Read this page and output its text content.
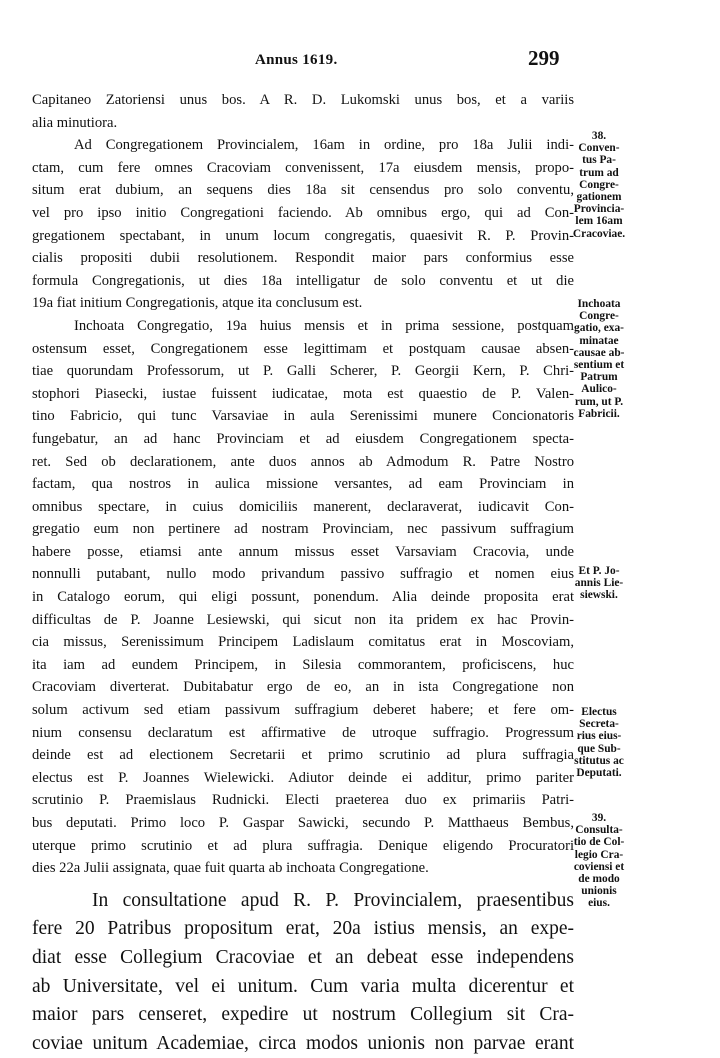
Annus 1619.	299
Capitaneo Zatoriensi unus bos. A R. D. Lukomski unus bos, et a variis
alia minutiora.
Ad Congregationem Provincialem, 16am in ordine, pro 18a Julii indi-
ctam, cum fere omnes Cracoviam convenissent, 17a eiusdem mensis, propo-
situm erat dubium, an sequens dies 18a sit censendus pro solo conventu,
vel pro ipso initio Congregationi faciendo. Ab omnibus ergo, qui ad Con-
gregationem spectabant, in unum locum congregatis, quaesivit R. P. Provin-
cialis propositi dubii resolutionem. Respondit maior pars conformius esse
formula Congregationis, ut dies 18a intelligatur de solo conventu et ut die
19a fiat initium Congregationis, atque ita conclusum est.
Inchoata Congregatio, 19a huius mensis et in prima sessione, postquam
ostensum esset, Congregationem esse legittimam et postquam causae absen-
tiae quorundam Professorum, ut P. Galli Scherer, P. Georgii Kern, P. Chri-
stophori Piasecki, iustae fuissent iudicatae, mota est quaestio de P. Valen-
tino Fabricio, qui tunc Varsaviae in aula Serenissimi munere Concionatoris
fungebatur, an ad hanc Provinciam et ad eiusdem Congregationem specta-
ret. Sed ob declarationem, ante duos annos ab Admodum R. Patre Nostro
factam, qua nostros in aulica missione versantes, ad eam Provinciam in
omnibus spectare, in cuius domiciliis manerent, declaraverat, iudicavit Con-
gregatio eum non pertinere ad nostram Provinciam, nec passivum suffragium
habere posse, etiamsi ante annum missus esset Varsaviam Cracovia, unde
nonnulli putabant, nullo modo privandum passivo suffragio et nomen eius
in Catalogo eorum, qui eligi possunt, ponendum. Alia deinde proposita erat
difficultas de P. Joanne Lesiewski, qui sicut non ita pridem ex hac Provin-
cia missus, Serenissimum Principem Ladislaum comitatus erat in Moscoviam,
ita iam ad eundem Principem, in Silesia commorantem, proficiscens, huc
Cracoviam diverterat. Dubitabatur ergo de eo, an in ista Congregatione non
solum activum sed etiam passivum suffragium deberet habere; et fere om-
nium consensu declaratum est affirmative de utroque suffragio. Progressum
deinde est ad electionem Secretarii et primo scrutinio ad plura suffragia
electus est P. Joannes Wielewicki. Adiutor deinde ei additur, primo pariter
scrutinio P. Praemislaus Rudnicki. Electi praeterea duo ex primariis Patri-
bus deputati. Primo loco P. Gaspar Sawicki, secundo P. Matthaeus Bembus,
uterque primo scrutinio et ad plura suffragia. Denique eligendo Procuratori
dies 22a Julii assignata, quae fuit quarta ab inchoata Congregatione.
In consultatione apud R. P. Provincialem, praesentibus
fere 20 Patribus propositum erat, 20a istius mensis, an expe-
diat esse Collegium Cracoviae et an debeat esse independens
ab Universitate, vel ei unitum. Cum varia multa dicerentur et
maior pars censeret, expedire ut nostrum Collegium sit Cra-
coviae unitum Academiae, circa modos unionis non parvae erant
38.
Conven-
tus Pa-
trum ad
Congre-
gationem
Provincia-
lem 16am
Cracoviae.
Inchoata
Congre-
gatio, exa-
minatae
causae ab-
sentium et
Patrum
Aulico-
rum, ut P.
Fabricii.
Et P. Jo-
annis Lie-
siewski.
Electus
Secreta-
rius eius-
que Sub-
stitutus ac
Deputati.
39.
Consulta-
tio de Col-
legio Cra-
coviensi et
de modo
unionis
eius.
